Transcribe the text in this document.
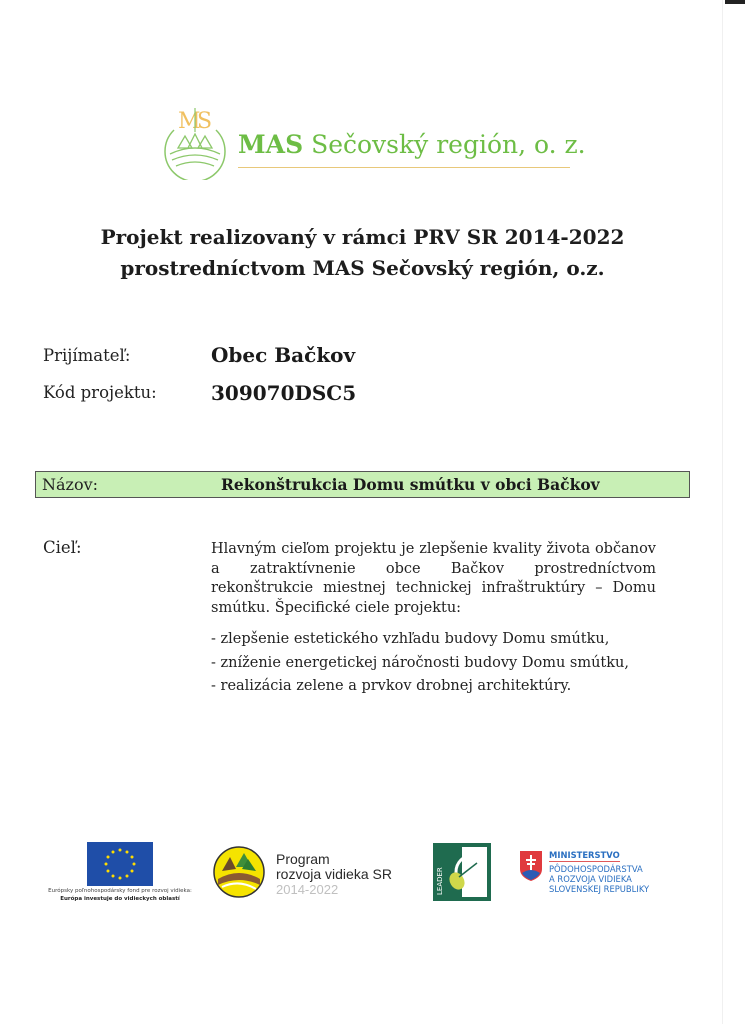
M
S
MAS Sečovský región, o. z.
Projekt realizovaný v rámci PRV SR 2014-2022
prostredníctvom MAS Sečovský región, o.z.
Prijímateľ:	Obec Bačkov
Kód projektu:	309070DSC5
Názov:	Rekonštrukcia Domu smútku v obci Bačkov
Cieľ:	Hlavným cieľom projektu je zlepšenie kvality života občanov a zatraktívnenie obce Bačkov prostredníctvom rekonštrukcie miestnej technickej infraštruktúry – Domu smútku. Špecifické ciele projektu:
- zlepšenie estetického vzhľadu budovy Domu smútku,
- zníženie energetickej náročnosti budovy Domu smútku,
- realizácia zelene a prvkov drobnej architektúry.
Európsky poľnohospodársky fond pre rozvoj vidieka:
Európa investuje do vidieckych oblastí
Program
rozvoja vidieka SR
2014-2022	LEADER
MINISTERSTVO
PÔDOHOSPODÁRSTVA
A ROZVOJA VIDIEKA
SLOVENSKEJ REPUBLIKY
